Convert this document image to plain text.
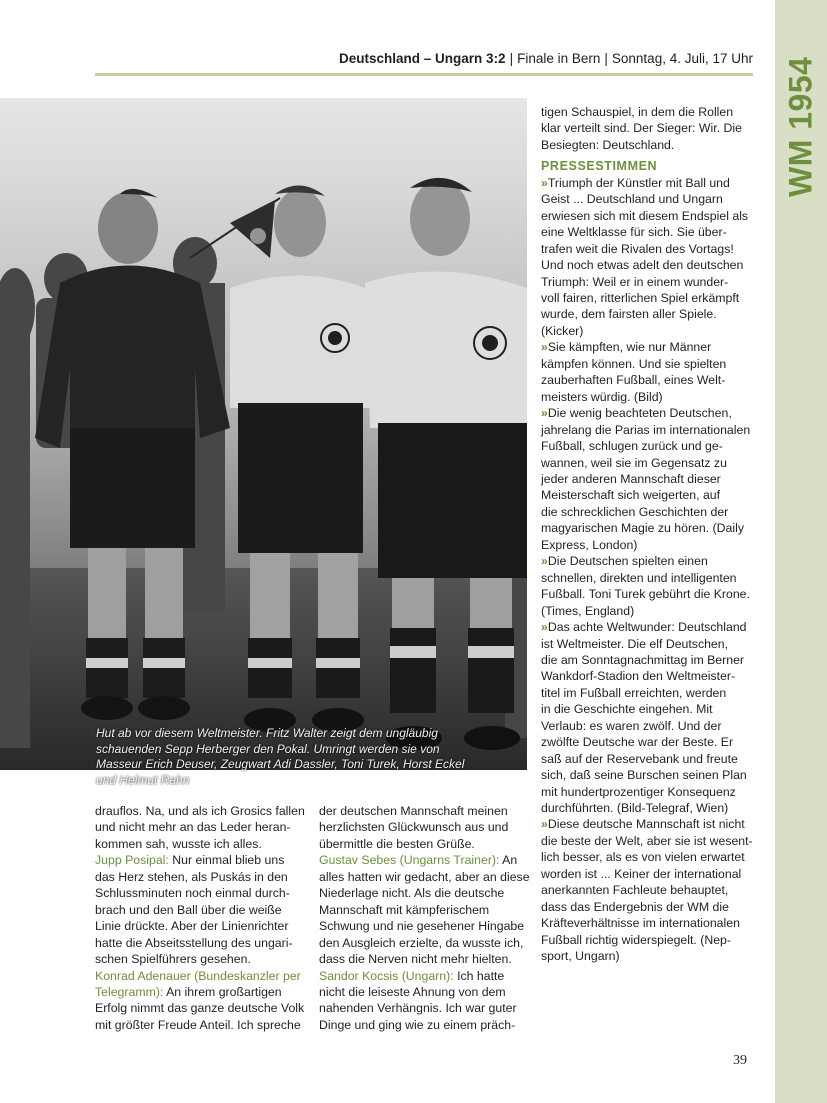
WM 1954
Deutschland – Ungarn 3:2 | Finale in Bern | Sonntag, 4. Juli, 17 Uhr
Hut ab vor diesem Weltmeister. Fritz Walter zeigt dem ungläubig
schauenden Sepp Herberger den Pokal. Umringt werden sie von
Masseur Erich Deuser, Zeugwart Adi Dassler, Toni Turek, Horst Eckel
und Helmut Rahn
tigen Schauspiel, in dem die Rollen
klar verteilt sind. Der Sieger: Wir. Die
Besiegten: Deutschland.
PRESSESTIMMEN
»Triumph der Künstler mit Ball und
Geist ... Deutschland und Ungarn
erwiesen sich mit diesem Endspiel als
eine Weltklasse für sich. Sie über-
trafen weit die Rivalen des Vortags!
Und noch etwas adelt den deutschen
Triumph: Weil er in einem wunder-
voll fairen, ritterlichen Spiel erkämpft
wurde, dem fairsten aller Spiele.
(Kicker)
»Sie kämpften, wie nur Männer
kämpfen können. Und sie spielten
zauberhaften Fußball, eines Welt-
meisters würdig. (Bild)
»Die wenig beachteten Deutschen,
jahrelang die Parias im internationalen
Fußball, schlugen zurück und ge-
wannen, weil sie im Gegensatz zu
jeder anderen Mannschaft dieser
Meisterschaft sich weigerten, auf
die schrecklichen Geschichten der
magyarischen Magie zu hören. (Daily
Express, London)
»Die Deutschen spielten einen
schnellen, direkten und intelligenten
Fußball. Toni Turek gebührt die Krone.
(Times, England)
»Das achte Weltwunder: Deutschland
ist Weltmeister. Die elf Deutschen,
die am Sonntagnachmittag im Berner
Wankdorf-Stadion den Weltmeister-
titel im Fußball erreichten, werden
in die Geschichte eingehen. Mit
Verlaub: es waren zwölf. Und der
zwölfte Deutsche war der Beste. Er
saß auf der Reservebank und freute
sich, daß seine Burschen seinen Plan
mit hundertprozentiger Konsequenz
durchführten. (Bild-Telegraf, Wien)
»Diese deutsche Mannschaft ist nicht
die beste der Welt, aber sie ist wesent-
lich besser, als es von vielen erwartet
worden ist ... Keiner der international
anerkannten Fachleute behauptet,
dass das Endergebnis der WM die
Kräfteverhältnisse im internationalen
Fußball richtig widerspiegelt. (Nep-
sport, Ungarn)
drauflos. Na, und als ich Grosics fallen
und nicht mehr an das Leder heran-
kommen sah, wusste ich alles.
Jupp Posipal: Nur einmal blieb uns
das Herz stehen, als Puskás in den
Schlussminuten noch einmal durch-
brach und den Ball über die weiße
Linie drückte. Aber der Linienrichter
hatte die Abseitsstellung des ungari-
schen Spielführers gesehen.
Konrad Adenauer (Bundeskanzler per
Telegramm): An ihrem großartigen
Erfolg nimmt das ganze deutsche Volk
mit größter Freude Anteil. Ich spreche
der deutschen Mannschaft meinen
herzlichsten Glückwunsch aus und
übermittle die besten Grüße.
Gustav Sebes (Ungarns Trainer): An
alles hatten wir gedacht, aber an diese
Niederlage nicht. Als die deutsche
Mannschaft mit kämpferischem
Schwung und nie gesehener Hingabe
den Ausgleich erzielte, da wusste ich,
dass die Nerven nicht mehr hielten.
Sandor Kocsis (Ungarn): Ich hatte
nicht die leiseste Ahnung von dem
nahenden Verhängnis. Ich war guter
Dinge und ging wie zu einem präch-
39
